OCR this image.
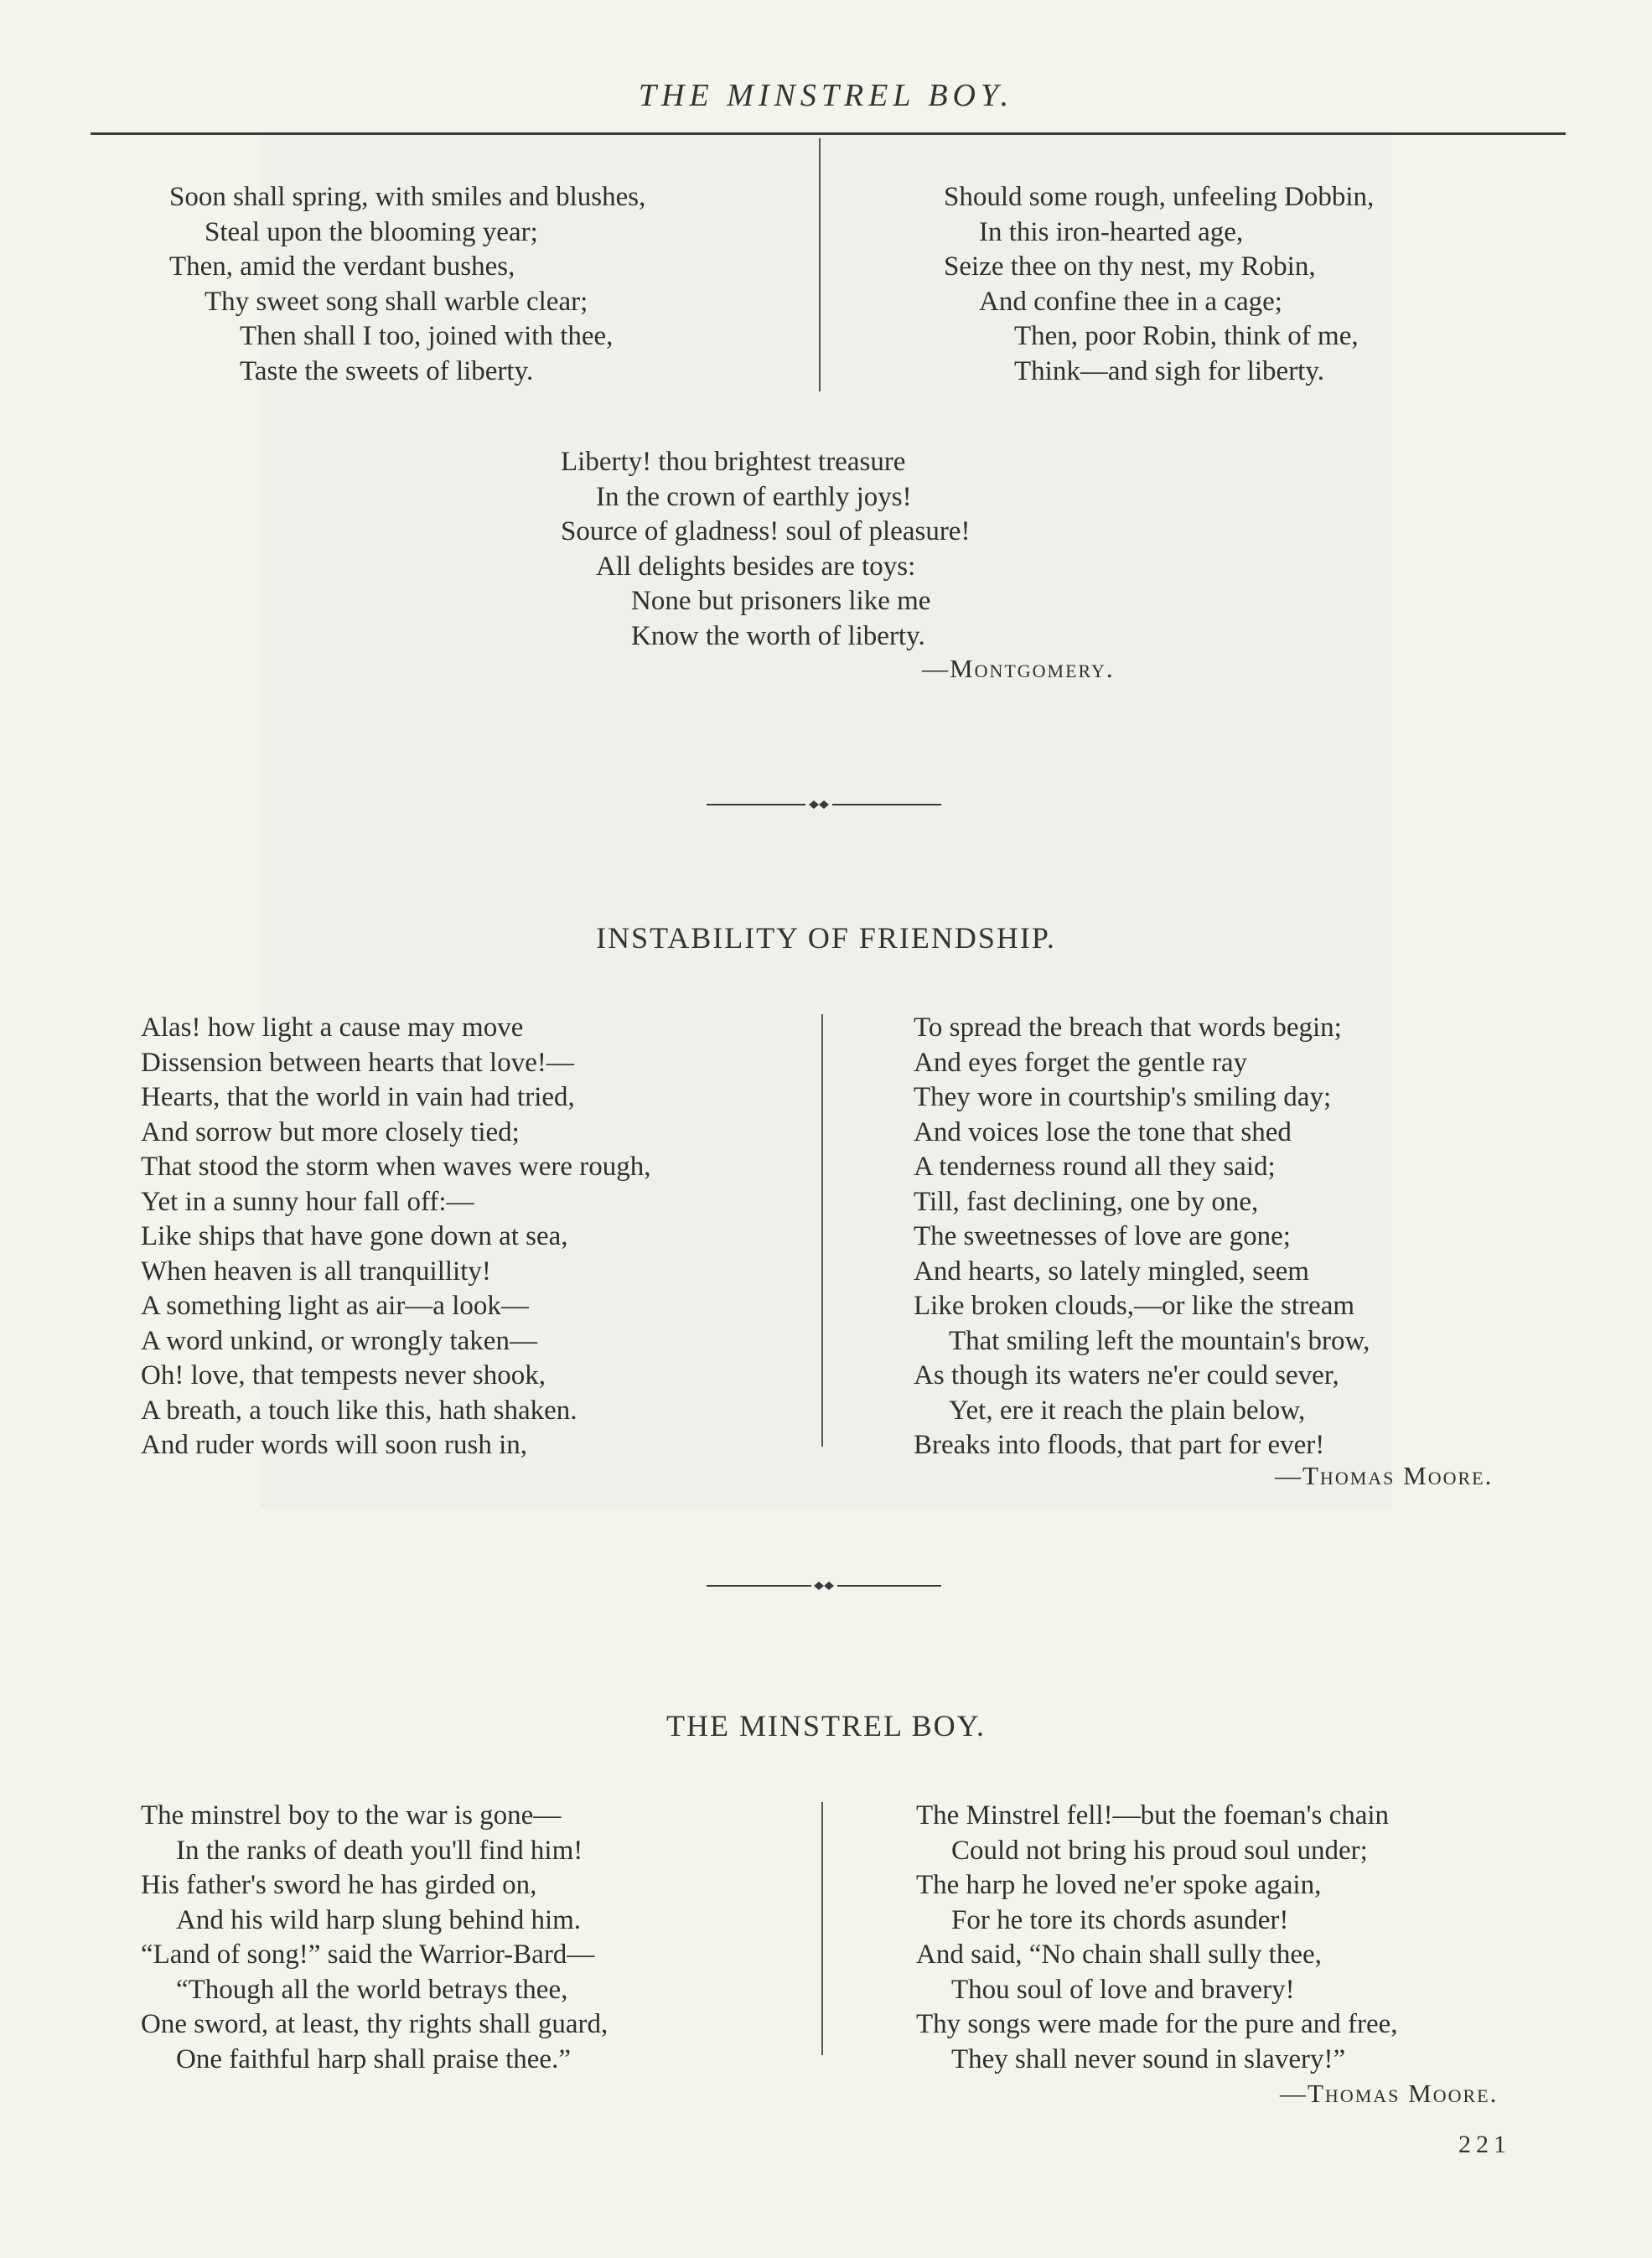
THE MINSTREL BOY.
Soon shall spring, with smiles and blushes,
Steal upon the blooming year;
Then, amid the verdant bushes,
Thy sweet song shall warble clear;
Then shall I too, joined with thee,
Taste the sweets of liberty.
Should some rough, unfeeling Dobbin,
In this iron-hearted age,
Seize thee on thy nest, my Robin,
And confine thee in a cage;
Then, poor Robin, think of me,
Think—and sigh for liberty.
Liberty! thou brightest treasure
In the crown of earthly joys!
Source of gladness! soul of pleasure!
All delights besides are toys:
None but prisoners like me
Know the worth of liberty.
—Montgomery.
INSTABILITY OF FRIENDSHIP.
Alas! how light a cause may move
Dissension between hearts that love!—
Hearts, that the world in vain had tried,
And sorrow but more closely tied;
That stood the storm when waves were rough,
Yet in a sunny hour fall off:—
Like ships that have gone down at sea,
When heaven is all tranquillity!
A something light as air—a look—
A word unkind, or wrongly taken—
Oh! love, that tempests never shook,
A breath, a touch like this, hath shaken.
And ruder words will soon rush in,
To spread the breach that words begin;
And eyes forget the gentle ray
They wore in courtship's smiling day;
And voices lose the tone that shed
A tenderness round all they said;
Till, fast declining, one by one,
The sweetnesses of love are gone;
And hearts, so lately mingled, seem
Like broken clouds,—or like the stream
That smiling left the mountain's brow,
As though its waters ne'er could sever,
Yet, ere it reach the plain below,
Breaks into floods, that part for ever!
—Thomas Moore.
THE MINSTREL BOY.
The minstrel boy to the war is gone—
In the ranks of death you'll find him!
His father's sword he has girded on,
And his wild harp slung behind him.
“Land of song!” said the Warrior-Bard—
“Though all the world betrays thee,
One sword, at least, thy rights shall guard,
One faithful harp shall praise thee.”
The Minstrel fell!—but the foeman's chain
Could not bring his proud soul under;
The harp he loved ne'er spoke again,
For he tore its chords asunder!
And said, “No chain shall sully thee,
Thou soul of love and bravery!
Thy songs were made for the pure and free,
They shall never sound in slavery!”
—Thomas Moore.
221
